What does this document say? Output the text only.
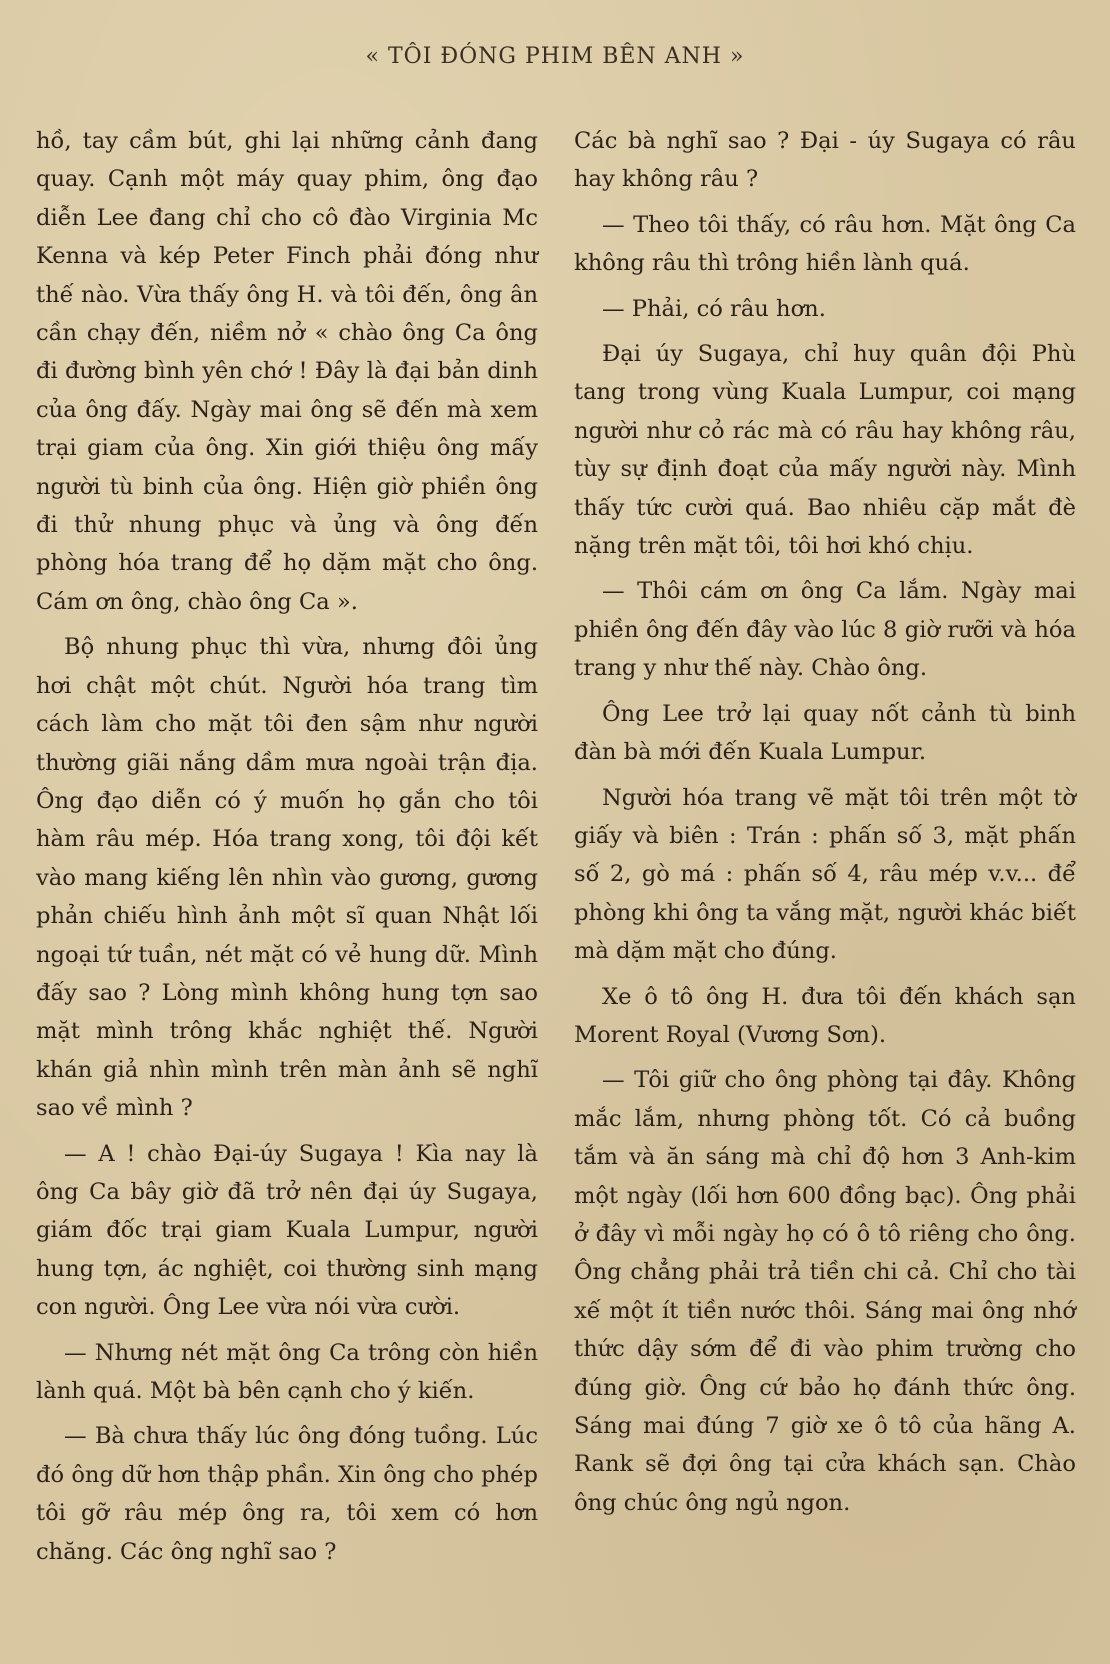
« TÔI ĐÓNG PHIM BÊN ANH »

hồ, tay cầm bút, ghi lại những cảnh đang quay. Cạnh một máy quay phim, ông đạo diễn Lee đang chỉ cho cô đào Virginia Mc Kenna và kép Peter Finch phải đóng như thế nào. Vừa thấy ông H. và tôi đến, ông ân cần chạy đến, niềm nở « chào ông Ca ông đi đường bình yên chớ ! Đây là đại bản dinh của ông đấy. Ngày mai ông sẽ đến mà xem trại giam của ông. Xin giới thiệu ông mấy người tù binh của ông. Hiện giờ phiền ông đi thử nhung phục và ủng và ông đến phòng hóa trang để họ dặm mặt cho ông. Cám ơn ông, chào ông Ca ».

Bộ nhung phục thì vừa, nhưng đôi ủng hơi chật một chút. Người hóa trang tìm cách làm cho mặt tôi đen sậm như người thường giãi nắng dầm mưa ngoài trận địa. Ông đạo diễn có ý muốn họ gắn cho tôi hàm râu mép. Hóa trang xong, tôi đội kết vào mang kiếng lên nhìn vào gương, gương phản chiếu hình ảnh một sĩ quan Nhật lối ngoại tứ tuần, nét mặt có vẻ hung dữ. Mình đấy sao ? Lòng mình không hung tợn sao mặt mình trông khắc nghiệt thế. Người khán giả nhìn mình trên màn ảnh sẽ nghĩ sao về mình ?

— A ! chào Đại-úy Sugaya ! Kìa nay là ông Ca bây giờ đã trở nên đại úy Sugaya, giám đốc trại giam Kuala Lumpur, người hung tợn, ác nghiệt, coi thường sinh mạng con người. Ông Lee vừa nói vừa cười.

— Nhưng nét mặt ông Ca trông còn hiền lành quá. Một bà bên cạnh cho ý kiến.

— Bà chưa thấy lúc ông đóng tuồng. Lúc đó ông dữ hơn thập phần. Xin ông cho phép tôi gỡ râu mép ông ra, tôi xem có hơn chăng. Các ông nghĩ sao ?

Các bà nghĩ sao ? Đại - úy Sugaya có râu hay không râu ?

— Theo tôi thấy, có râu hơn. Mặt ông Ca không râu thì trông hiền lành quá.

— Phải, có râu hơn.

Đại úy Sugaya, chỉ huy quân đội Phù tang trong vùng Kuala Lumpur, coi mạng người như cỏ rác mà có râu hay không râu, tùy sự định đoạt của mấy người này. Mình thấy tức cười quá. Bao nhiêu cặp mắt đè nặng trên mặt tôi, tôi hơi khó chịu.

— Thôi cám ơn ông Ca lắm. Ngày mai phiền ông đến đây vào lúc 8 giờ rưỡi và hóa trang y như thế này. Chào ông.

Ông Lee trở lại quay nốt cảnh tù binh đàn bà mới đến Kuala Lumpur.

Người hóa trang vẽ mặt tôi trên một tờ giấy và biên : Trán : phấn số 3, mặt phấn số 2, gò má : phấn số 4, râu mép v.v... để phòng khi ông ta vắng mặt, người khác biết mà dặm mặt cho đúng.

Xe ô tô ông H. đưa tôi đến khách sạn Morent Royal (Vương Sơn).

— Tôi giữ cho ông phòng tại đây. Không mắc lắm, nhưng phòng tốt. Có cả buồng tắm và ăn sáng mà chỉ độ hơn 3 Anh-kim một ngày (lối hơn 600 đồng bạc). Ông phải ở đây vì mỗi ngày họ có ô tô riêng cho ông. Ông chẳng phải trả tiền chi cả. Chỉ cho tài xế một ít tiền nước thôi. Sáng mai ông nhớ thức dậy sớm để đi vào phim trường cho đúng giờ. Ông cứ bảo họ đánh thức ông. Sáng mai đúng 7 giờ xe ô tô của hãng A. Rank sẽ đợi ông tại cửa khách sạn. Chào ông chúc ông ngủ ngon.
